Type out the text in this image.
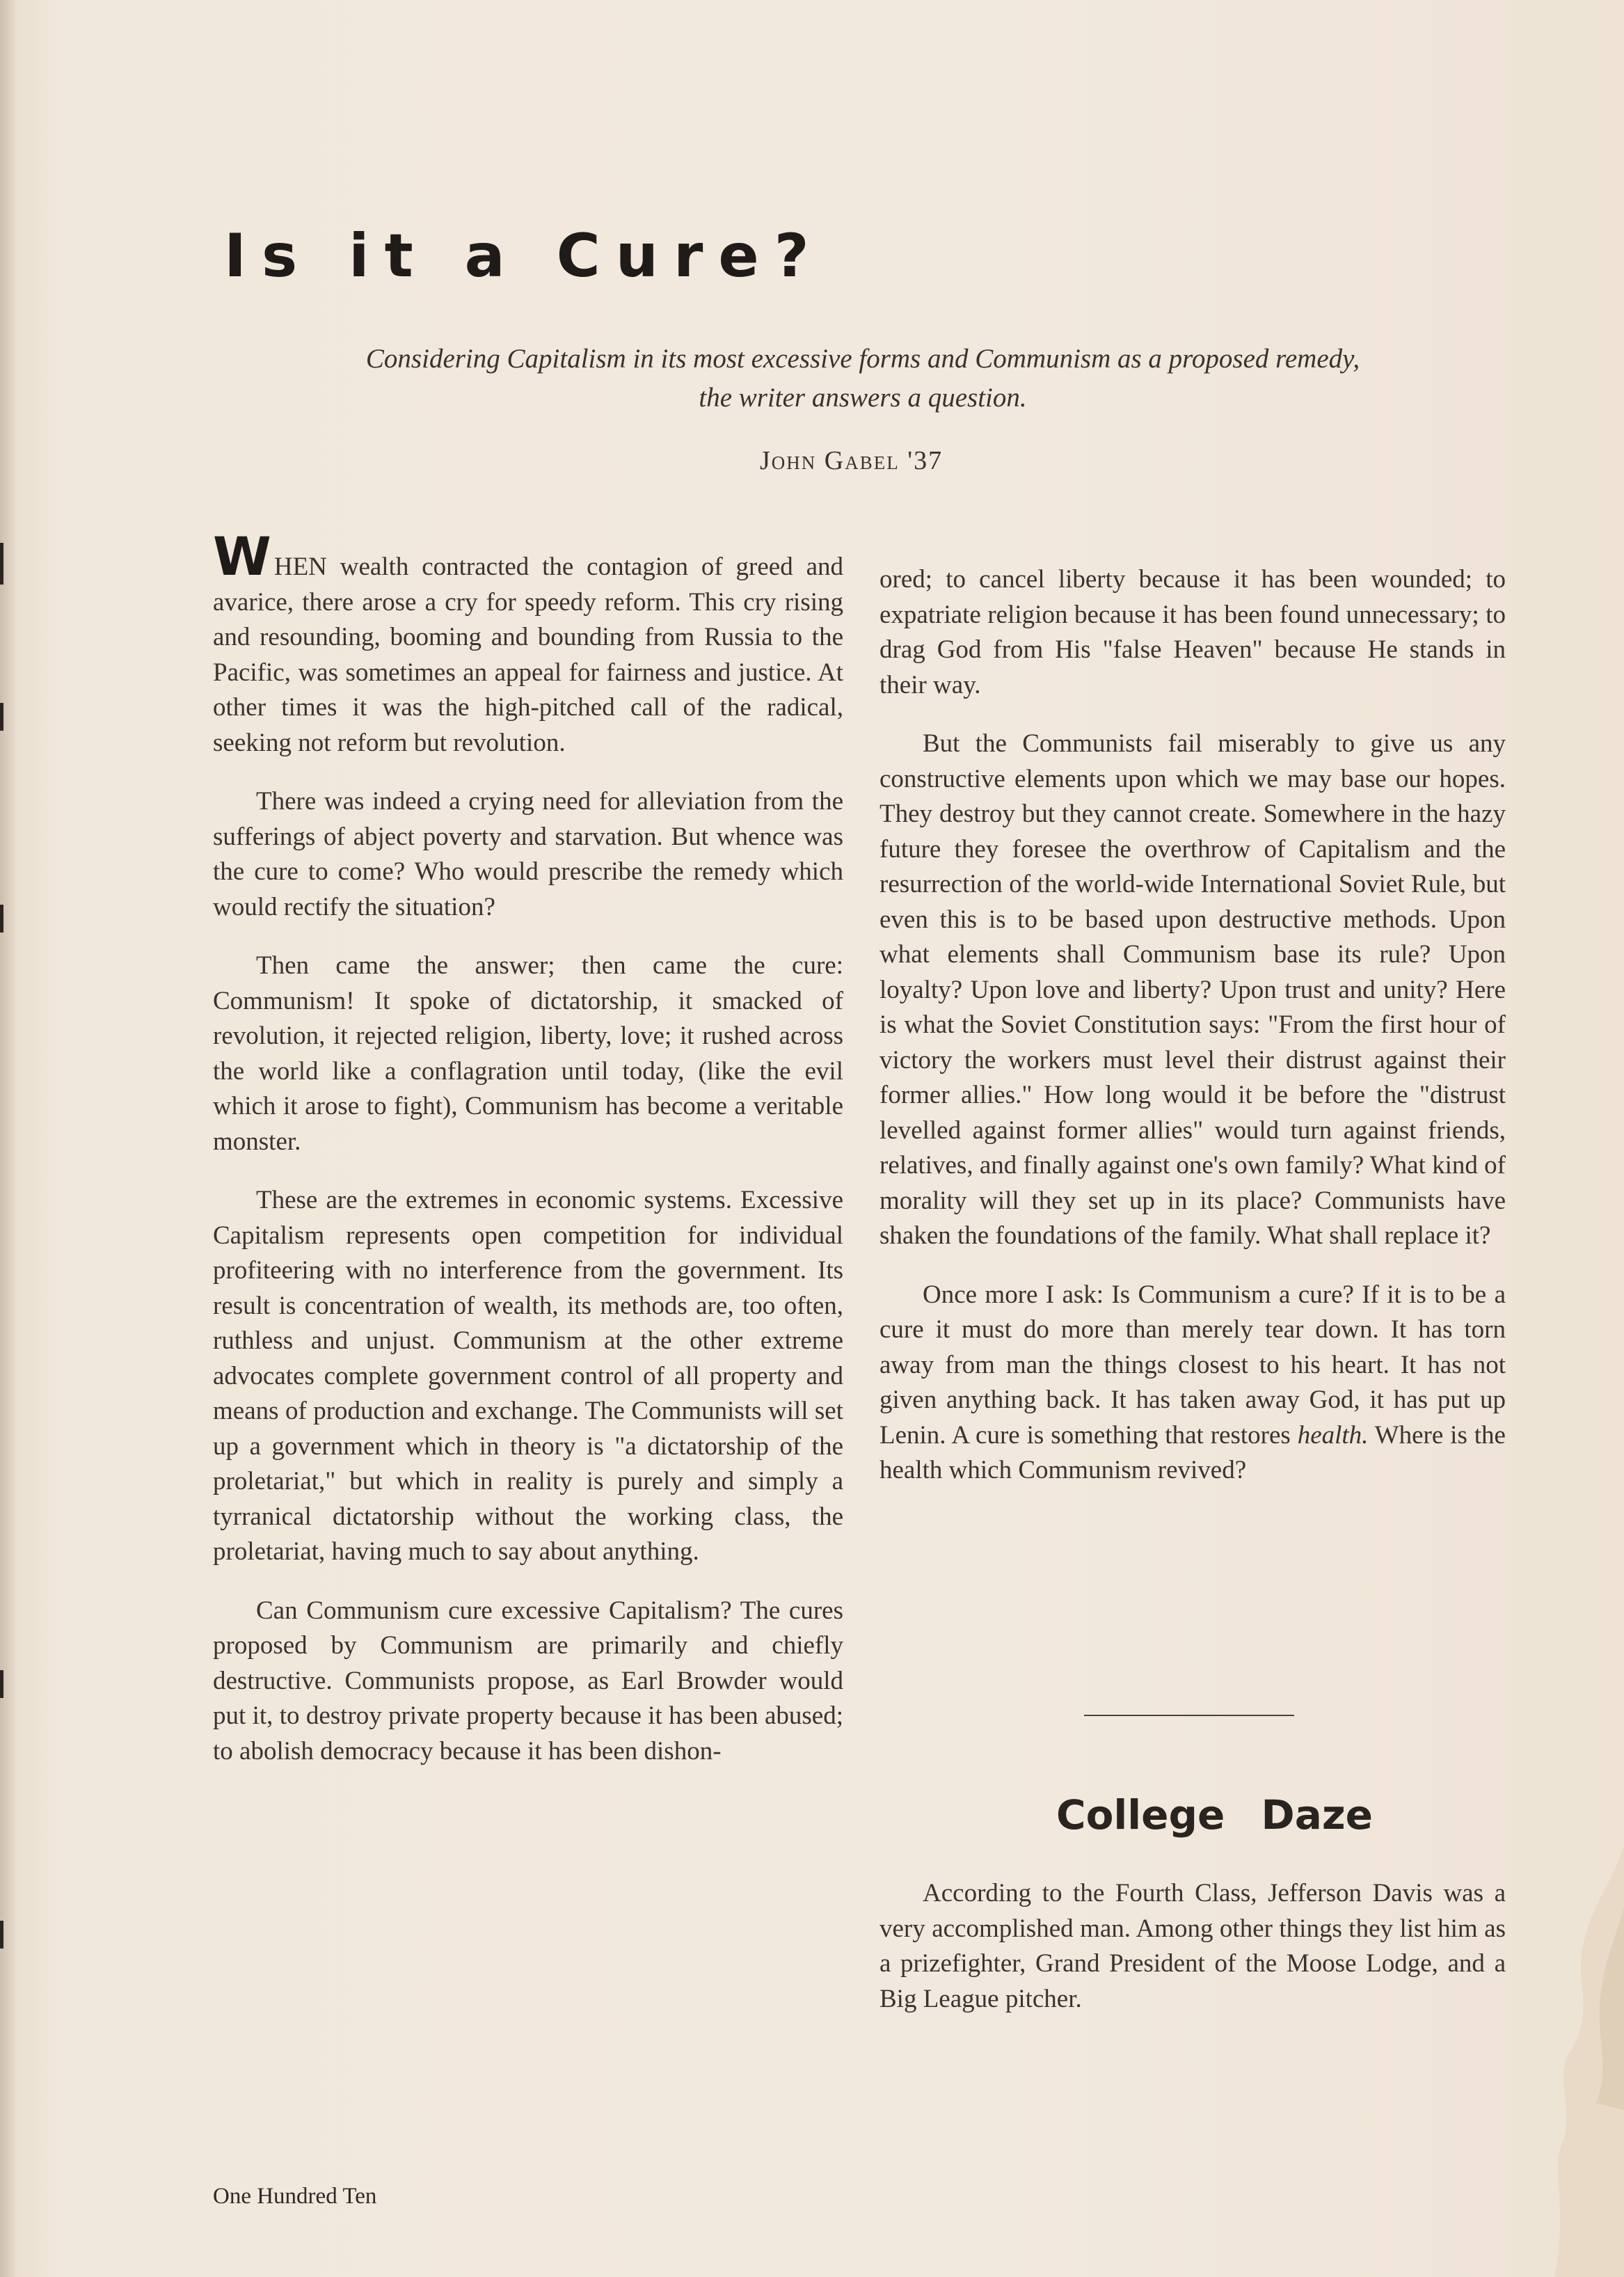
Is it a Cure?
Considering Capitalism in its most excessive forms and Communism as a proposed remedy, the writer answers a question.
John Gabel '37

WHEN wealth contracted the contagion of greed and avarice, there arose a cry for speedy reform. This cry rising and resounding, booming and bounding from Russia to the Pacific, was sometimes an appeal for fairness and justice. At other times it was the high-pitched call of the radical, seeking not reform but revolution.

There was indeed a crying need for alleviation from the sufferings of abject poverty and starvation. But whence was the cure to come? Who would prescribe the remedy which would rectify the situation?

Then came the answer; then came the cure: Communism! It spoke of dictatorship, it smacked of revolution, it rejected religion, liberty, love; it rushed across the world like a conflagration until today, (like the evil which it arose to fight), Communism has become a veritable monster.

These are the extremes in economic systems. Excessive Capitalism represents open competition for individual profiteering with no interference from the government. Its result is concentration of wealth, its methods are, too often, ruthless and unjust. Communism at the other extreme advocates complete government control of all property and means of production and exchange. The Communists will set up a government which in theory is "a dictatorship of the proletariat," but which in reality is purely and simply a tyrranical dictatorship without the working class, the proletariat, having much to say about anything.

Can Communism cure excessive Capitalism? The cures proposed by Communism are primarily and chiefly destructive. Communists propose, as Earl Browder would put it, to destroy private property because it has been abused; to abolish democracy because it has been dishon-

ored; to cancel liberty because it has been wounded; to expatriate religion because it has been found unnecessary; to drag God from His "false Heaven" because He stands in their way.

But the Communists fail miserably to give us any constructive elements upon which we may base our hopes. They destroy but they cannot create. Somewhere in the hazy future they foresee the overthrow of Capitalism and the resurrection of the world-wide International Soviet Rule, but even this is to be based upon destructive methods. Upon what elements shall Communism base its rule? Upon loyalty? Upon love and liberty? Upon trust and unity? Here is what the Soviet Constitution says: "From the first hour of victory the workers must level their distrust against their former allies." How long would it be before the "distrust levelled against former allies" would turn against friends, relatives, and finally against one's own family? What kind of morality will they set up in its place? Communists have shaken the foundations of the family. What shall replace it?

Once more I ask: Is Communism a cure? If it is to be a cure it must do more than merely tear down. It has torn away from man the things closest to his heart. It has not given anything back. It has taken away God, it has put up Lenin. A cure is something that restores health. Where is the health which Communism revived?

College Daze

According to the Fourth Class, Jefferson Davis was a very accomplished man. Among other things they list him as a prizefighter, Grand President of the Moose Lodge, and a Big League pitcher.

One Hundred Ten
